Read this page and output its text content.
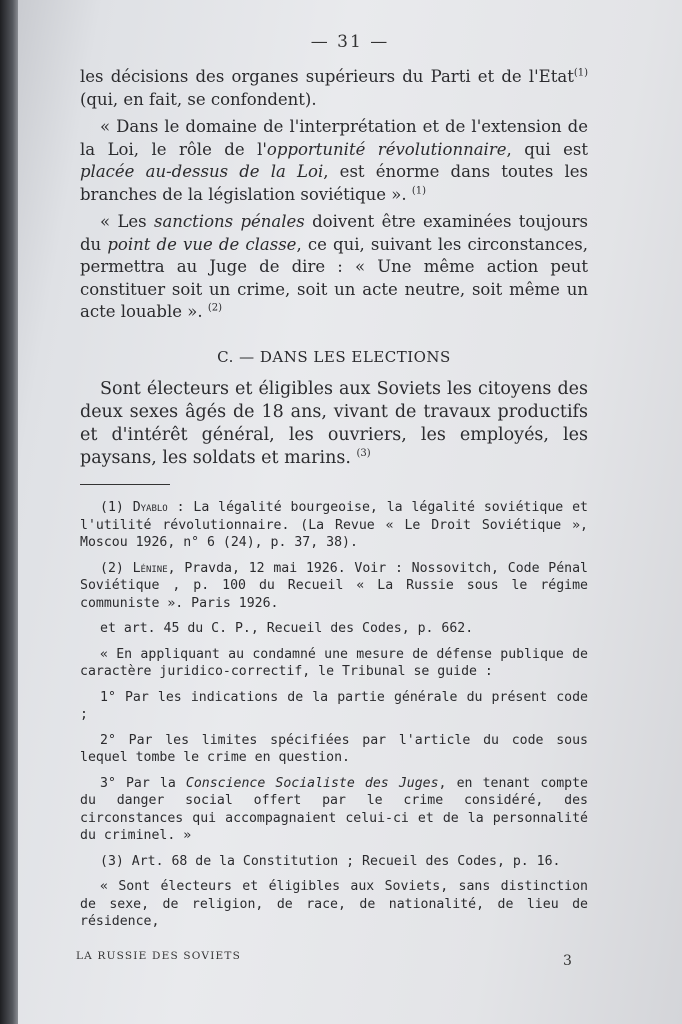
— 31 —

les décisions des organes supérieurs du Parti et de l'Etat$^{(1)}$ (qui, en fait, se confondent).

« Dans le domaine de l'interprétation et de l'extension de la Loi, le rôle de l'opportunité révolutionnaire, qui est placée au-dessus de la Loi, est énorme dans toutes les branches de la législation soviétique ». $^{(1)}$

« Les sanctions pénales doivent être examinées toujours du point de vue de classe, ce qui, suivant les circonstances, permettra au Juge de dire : « Une même action peut constituer soit un crime, soit un acte neutre, soit même un acte louable ». $^{(2)}$

C. — DANS LES ELECTIONS

Sont électeurs et éligibles aux Soviets les citoyens des deux sexes âgés de 18 ans, vivant de travaux productifs et d'intérêt général, les ouvriers, les employés, les paysans, les soldats et marins. $^{(3)}$

(1) Dyablo : La légalité bourgeoise, la légalité soviétique et l'utilité révolutionnaire. (La Revue « Le Droit Soviétique », Moscou 1926, n° 6 (24), p. 37, 38).

(2) Lénine, Pravda, 12 mai 1926. Voir : Nossovitch, Code Pénal Soviétique , p. 100 du Recueil « La Russie sous le régime communiste ». Paris 1926.

et art. 45 du C. P., Recueil des Codes, p. 662.

« En appliquant au condamné une mesure de défense publique de caractère juridico-correctif, le Tribunal se guide :

1° Par les indications de la partie générale du présent code ;

2° Par les limites spécifiées par l'article du code sous lequel tombe le crime en question.

3° Par la Conscience Socialiste des Juges, en tenant compte du danger social offert par le crime considéré, des circonstances qui accompagnaient celui-ci et de la personnalité du criminel. »

(3) Art. 68 de la Constitution ; Recueil des Codes, p. 16.

« Sont électeurs et éligibles aux Soviets, sans distinction de sexe, de religion, de race, de nationalité, de lieu de résidence,

LA RUSSIE DES SOVIETS	3
